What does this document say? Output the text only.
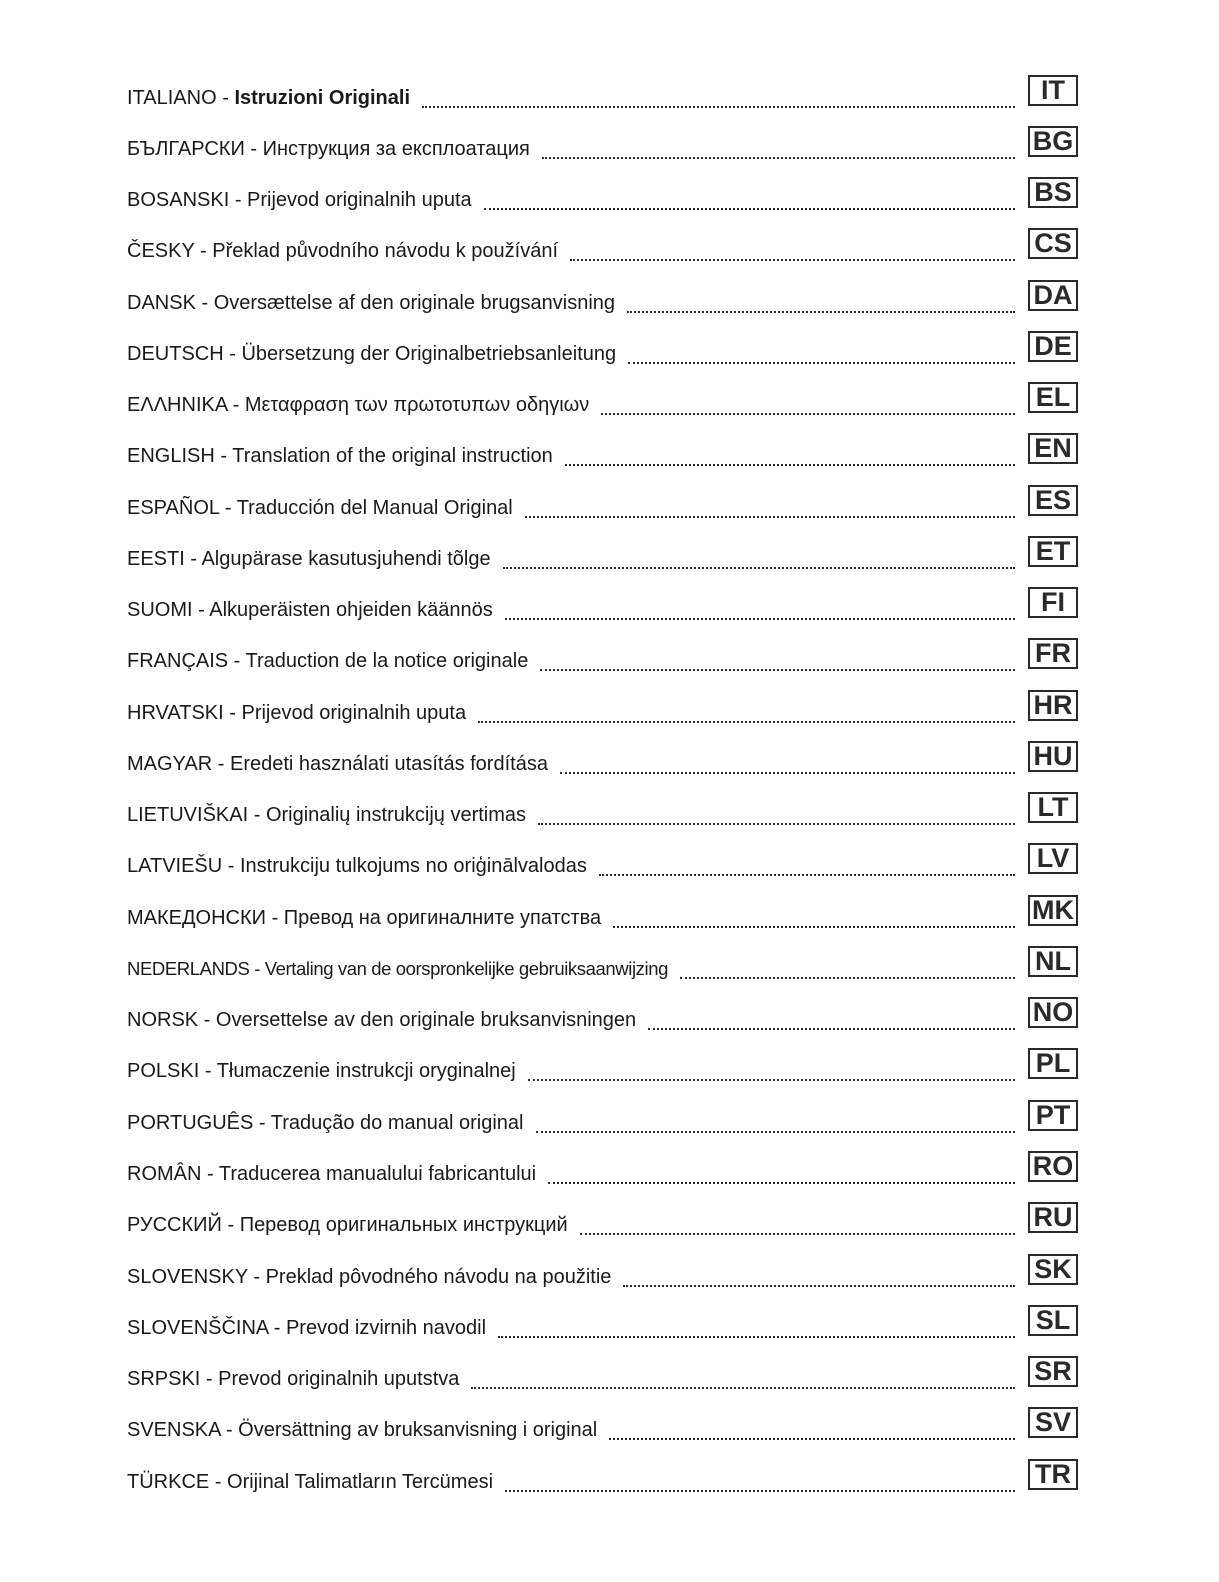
ITALIANO - Istruzioni Originali	IT
БЪЛГАРСКИ - Инструкция за експлоатация	BG
BOSANSKI - Prijevod originalnih uputa	BS
ČESKY - Překlad původního návodu k používání	CS
DANSK - Oversættelse af den originale brugsanvisning	DA
DEUTSCH - Übersetzung der Originalbetriebsanleitung	DE
ΕΛΛΗΝΙΚΑ - Μεταφραση των πρωτοτυπων οδηγιων	EL
ENGLISH - Translation of the original instruction	EN
ESPAÑOL - Traducción del Manual Original	ES
EESTI - Algupärase kasutusjuhendi tõlge	ET
SUOMI - Alkuperäisten ohjeiden käännös	FI
FRANÇAIS - Traduction de la notice originale	FR
HRVATSKI - Prijevod originalnih uputa	HR
MAGYAR - Eredeti használati utasítás fordítása	HU
LIETUVIŠKAI - Originalių instrukcijų vertimas	LT
LATVIEŠU - Instrukciju tulkojums no oriģinālvalodas	LV
МАКЕДОНСКИ - Превод на оригиналните упатства	MK
NEDERLANDS - Vertaling van de oorspronkelijke gebruiksaanwijzing	NL
NORSK - Oversettelse av den originale bruksanvisningen	NO
POLSKI - Tłumaczenie instrukcji oryginalnej	PL
PORTUGUÊS - Tradução do manual original	PT
ROMÂN - Traducerea manualului fabricantului	RO
РУССКИЙ - Перевод оригинальных инструкций	RU
SLOVENSKY - Preklad pôvodného návodu na použitie	SK
SLOVENŠČINA - Prevod izvirnih navodil	SL
SRPSKI - Prevod originalnih uputstva	SR
SVENSKA - Översättning av bruksanvisning i original	SV
TÜRKCE - Orijinal Talimatların Tercümesi	TR
